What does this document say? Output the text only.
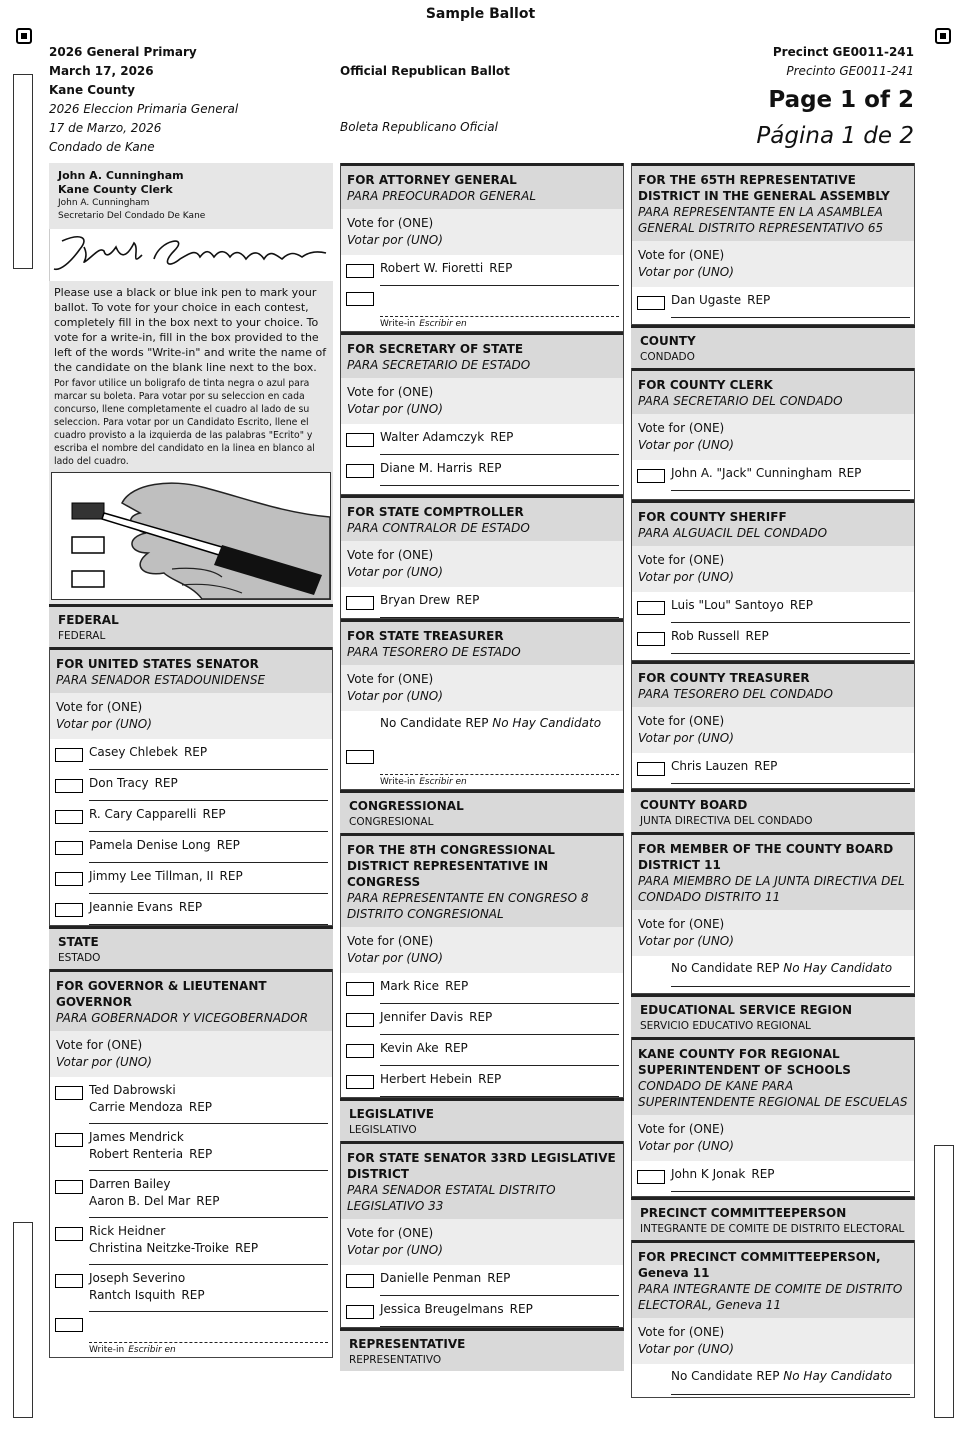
Sample Ballot
2026 General Primary
March 17, 2026
Kane County
2026 Eleccion Primaria General
17 de Marzo, 2026
Condado de Kane
Official Republican Ballot
Boleta Republicano Oficial
Precinct GE0011-241
Precinto GE0011-241
Page 1 of 2
Página 1 de 2
John A. Cunningham
Kane County Clerk
John A. Cunningham
Secretario Del Condado De Kane
Please use a black or blue ink pen to mark your ballot. To vote for your choice in each contest, completely fill in the box next to your choice. To vote for a write-in, fill in the box provided to the left of the words "Write-in" and write the name of the candidate on the blank line next to the box.
Por favor utilice un boligrafo de tinta negra o azul para marcar su boleta. Para votar por su seleccion en cada concurso, llene completamente el cuadro al lado de su seleccion. Para votar por un Candidato Escrito, llene el cuadro provisto a la izquierda de las palabras "Ecrito" y escriba el nombre del candidato en la linea en blanco al lado del cuadro.
FEDERAL
FEDERAL
FOR UNITED STATES SENATOR
PARA SENADOR ESTADOUNIDENSE
Vote for (ONE)
Votar por (UNO)
Casey Chlebek REP
Don Tracy REP
R. Cary Capparelli REP
Pamela Denise Long REP
Jimmy Lee Tillman, II REP
Jeannie Evans REP
STATE
ESTADO
FOR GOVERNOR & LIEUTENANT GOVERNOR
PARA GOBERNADOR Y VICEGOBERNADOR
Vote for (ONE)
Votar por (UNO)
Ted Dabrowski
Carrie Mendoza REP
James Mendrick
Robert Renteria REP
Darren Bailey
Aaron B. Del Mar REP
Rick Heidner
Christina Neitzke-Troike REP
Joseph Severino
Rantch Isquith REP
Write-in Escribir en
FOR ATTORNEY GENERAL
PARA PREOCURADOR GENERAL
Vote for (ONE)
Votar por (UNO)
Robert W. Fioretti REP
Write-in Escribir en
FOR SECRETARY OF STATE
PARA SECRETARIO DE ESTADO
Vote for (ONE)
Votar por (UNO)
Walter Adamczyk REP
Diane M. Harris REP
FOR STATE COMPTROLLER
PARA CONTRALOR DE ESTADO
Vote for (ONE)
Votar por (UNO)
Bryan Drew REP
FOR STATE TREASURER
PARA TESORERO DE ESTADO
Vote for (ONE)
Votar por (UNO)
No Candidate REP No Hay Candidato
Write-in Escribir en
CONGRESSIONAL
CONGRESIONAL
FOR THE 8TH CONGRESSIONAL DISTRICT REPRESENTATIVE IN CONGRESS
PARA REPRESENTANTE EN CONGRESO 8 DISTRITO CONGRESIONAL
Vote for (ONE)
Votar por (UNO)
Mark Rice REP
Jennifer Davis REP
Kevin Ake REP
Herbert Hebein REP
LEGISLATIVE
LEGISLATIVO
FOR STATE SENATOR 33RD LEGISLATIVE DISTRICT
PARA SENADOR ESTATAL DISTRITO LEGISLATIVO 33
Vote for (ONE)
Votar por (UNO)
Danielle Penman REP
Jessica Breugelmans REP
REPRESENTATIVE
REPRESENTATIVO
FOR THE 65TH REPRESENTATIVE DISTRICT IN THE GENERAL ASSEMBLY
PARA REPRESENTANTE EN LA ASAMBLEA GENERAL DISTRITO REPRESENTATIVO 65
Vote for (ONE)
Votar por (UNO)
Dan Ugaste REP
COUNTY
CONDADO
FOR COUNTY CLERK
PARA SECRETARIO DEL CONDADO
Vote for (ONE)
Votar por (UNO)
John A. "Jack" Cunningham REP
FOR COUNTY SHERIFF
PARA ALGUACIL DEL CONDADO
Vote for (ONE)
Votar por (UNO)
Luis "Lou" Santoyo REP
Rob Russell REP
FOR COUNTY TREASURER
PARA TESORERO DEL CONDADO
Vote for (ONE)
Votar por (UNO)
Chris Lauzen REP
COUNTY BOARD
JUNTA DIRECTIVA DEL CONDADO
FOR MEMBER OF THE COUNTY BOARD DISTRICT 11
PARA MIEMBRO DE LA JUNTA DIRECTIVA DEL CONDADO DISTRITO 11
Vote for (ONE)
Votar por (UNO)
No Candidate REP No Hay Candidato
EDUCATIONAL SERVICE REGION
SERVICIO EDUCATIVO REGIONAL
KANE COUNTY FOR REGIONAL SUPERINTENDENT OF SCHOOLS
CONDADO DE KANE PARA SUPERINTENDENTE REGIONAL DE ESCUELAS
Vote for (ONE)
Votar por (UNO)
John K Jonak REP
PRECINCT COMMITTEEPERSON
INTEGRANTE DE COMITE DE DISTRITO ELECTORAL
FOR PRECINCT COMMITTEEPERSON, Geneva 11
PARA INTEGRANTE DE COMITE DE DISTRITO ELECTORAL, Geneva 11
Vote for (ONE)
Votar por (UNO)
No Candidate REP No Hay Candidato
